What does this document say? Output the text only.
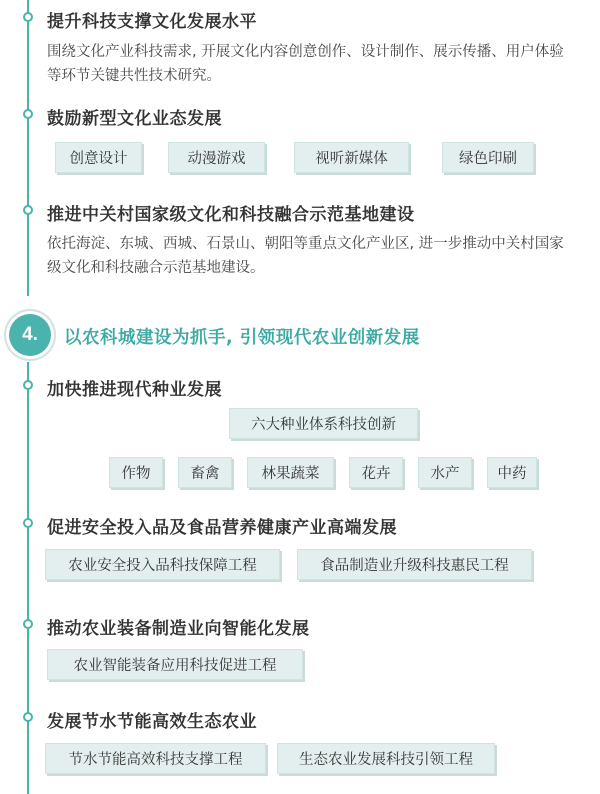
提升科技支撑文化发展水平
围绕文化产业科技需求, 开展文化内容创意创作、设计制作、展示传播、用户体验等环节关键共性技术研究。
鼓励新型文化业态发展
创意设计	动漫游戏	视听新媒体	绿色印刷
推进中关村国家级文化和科技融合示范基地建设
依托海淀、东城、西城、石景山、朝阳等重点文化产业区, 进一步推动中关村国家级文化和科技融合示范基地建设。
4.	以农科城建设为抓手, 引领现代农业创新发展
加快推进现代种业发展
六大种业体系科技创新
作物	畜禽	林果蔬菜	花卉	水产	中药
促进安全投入品及食品营养健康产业高端发展
农业安全投入品科技保障工程	食品制造业升级科技惠民工程
推动农业装备制造业向智能化发展
农业智能装备应用科技促进工程
发展节水节能高效生态农业
节水节能高效科技支撑工程	生态农业发展科技引领工程
